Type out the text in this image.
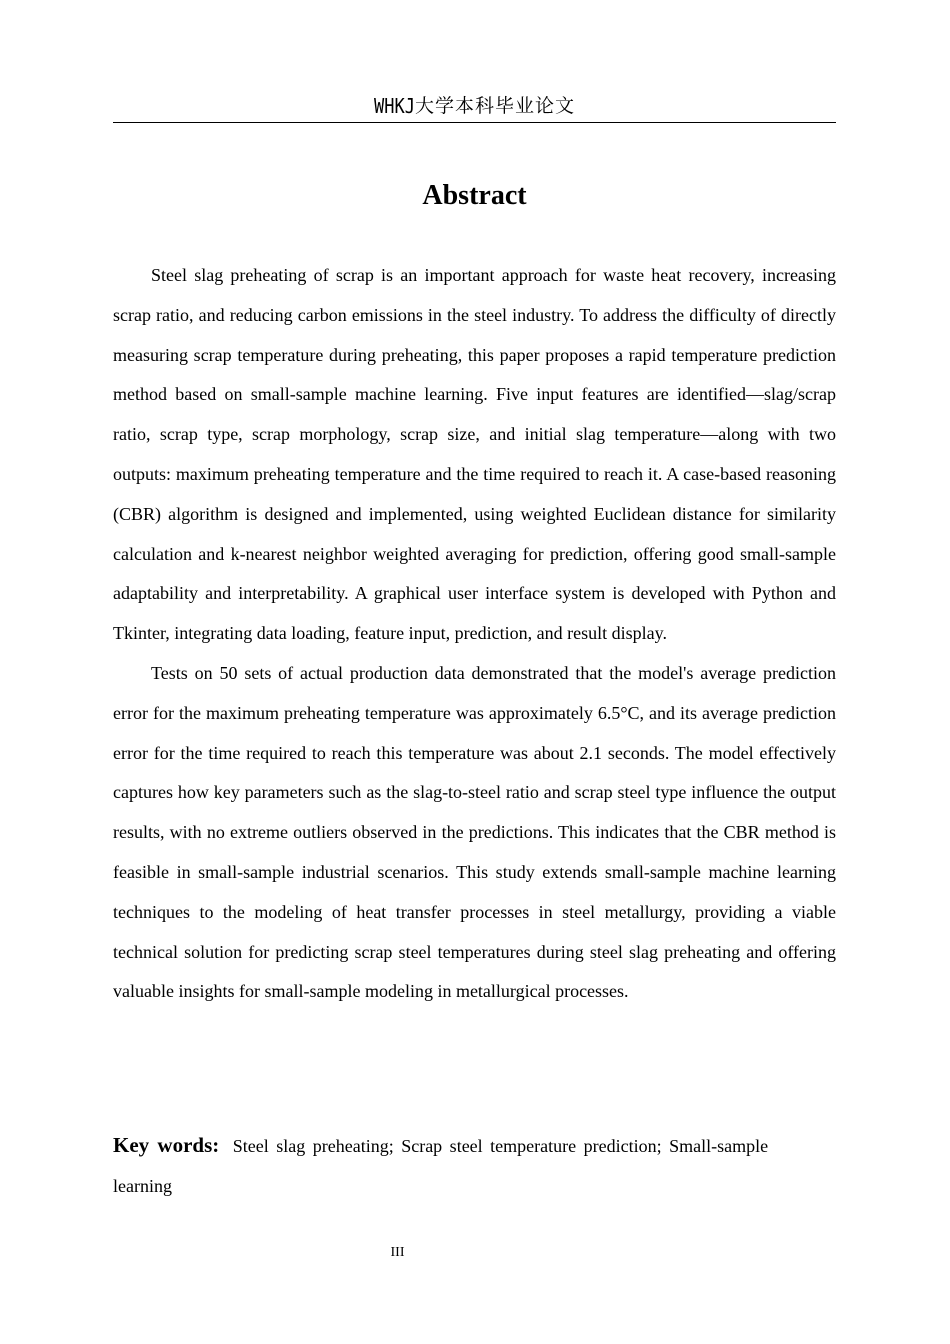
WHKJ大学本科毕业论文
Abstract

Steel slag preheating of scrap is an important approach for waste heat recovery, increasing scrap ratio, and reducing carbon emissions in the steel industry. To address the difficulty of directly measuring scrap temperature during preheating, this paper proposes a rapid temperature prediction method based on small-sample machine learning. Five input features are identified—slag/scrap ratio, scrap type, scrap morphology, scrap size, and initial slag temperature—along with two outputs: maximum preheating temperature and the time required to reach it. A case-based reasoning (CBR) algorithm is designed and implemented, using weighted Euclidean distance for similarity calculation and k-nearest neighbor weighted averaging for prediction, offering good small-sample adaptability and interpretability. A graphical user interface system is developed with Python and Tkinter, integrating data loading, feature input, prediction, and result display.

Tests on 50 sets of actual production data demonstrated that the model's average prediction error for the maximum preheating temperature was approximately 6.5°C, and its average prediction error for the time required to reach this temperature was about 2.1 seconds. The model effectively captures how key parameters such as the slag-to-steel ratio and scrap steel type influence the output results, with no extreme outliers observed in the predictions. This indicates that the CBR method is feasible in small-sample industrial scenarios. This study extends small-sample machine learning techniques to the modeling of heat transfer processes in steel metallurgy, providing a viable technical solution for predicting scrap steel temperatures during steel slag preheating and offering valuable insights for small-sample modeling in metallurgical processes.

Key words: Steel slag preheating; Scrap steel temperature prediction; Small-sample learning
III
